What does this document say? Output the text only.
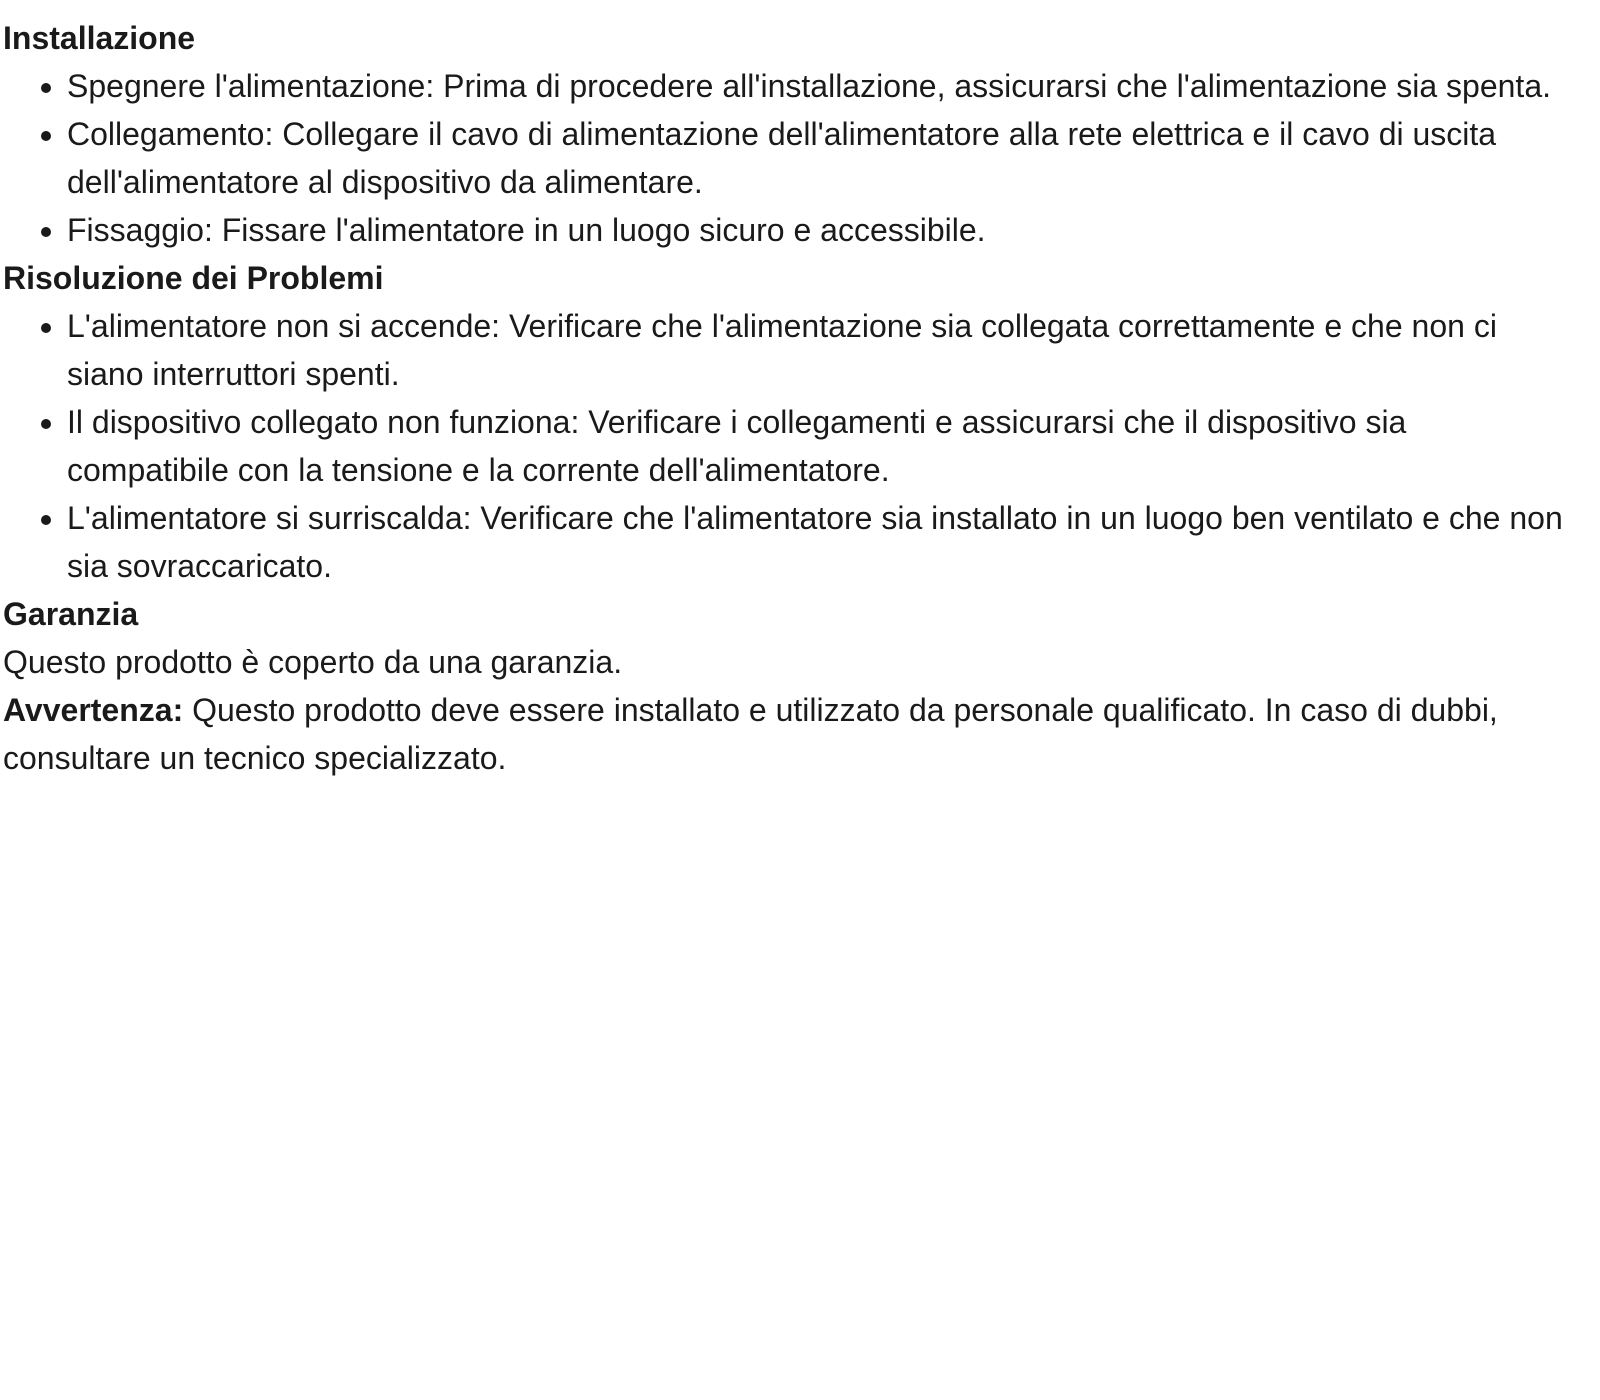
Installazione
• Spegnere l'alimentazione: Prima di procedere all'installazione, assicurarsi che l'alimentazione sia spenta.
• Collegamento: Collegare il cavo di alimentazione dell'alimentatore alla rete elettrica e il cavo di uscita dell'alimentatore al dispositivo da alimentare.
• Fissaggio: Fissare l'alimentatore in un luogo sicuro e accessibile.
Risoluzione dei Problemi
• L'alimentatore non si accende: Verificare che l'alimentazione sia collegata correttamente e che non ci siano interruttori spenti.
• Il dispositivo collegato non funziona: Verificare i collegamenti e assicurarsi che il dispositivo sia compatibile con la tensione e la corrente dell'alimentatore.
• L'alimentatore si surriscalda: Verificare che l'alimentatore sia installato in un luogo ben ventilato e che non sia sovraccaricato.
Garanzia

Questo prodotto è coperto da una garanzia.

Avvertenza: Questo prodotto deve essere installato e utilizzato da personale qualificato. In caso di dubbi, consultare un tecnico specializzato.
